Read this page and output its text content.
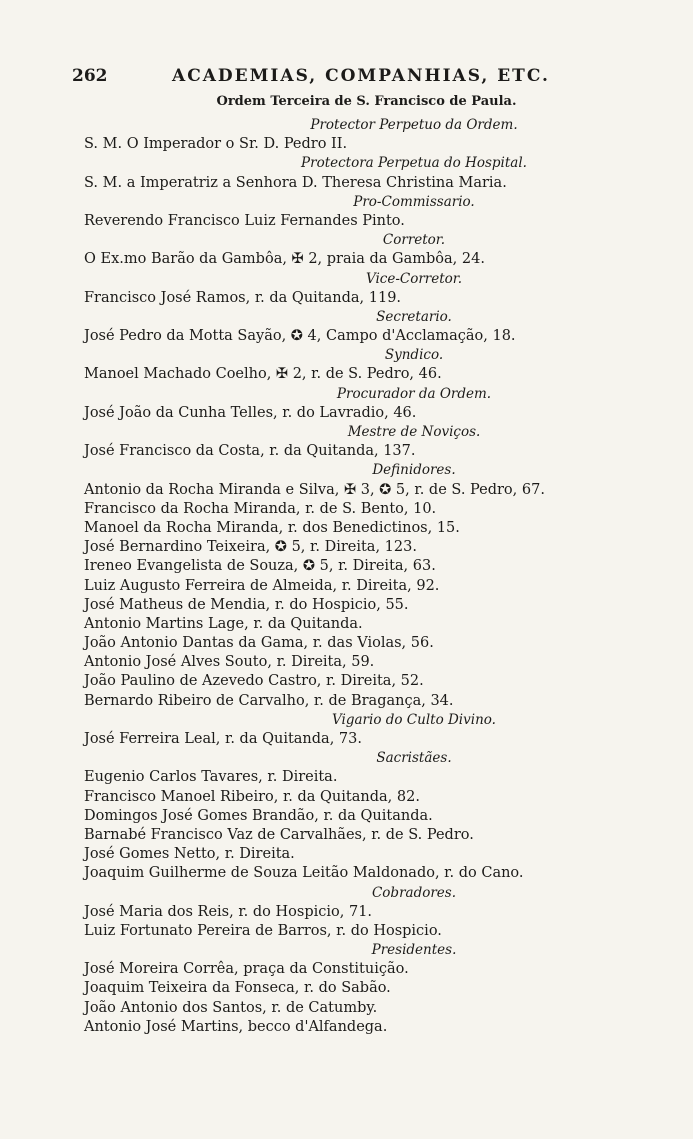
262	ACADEMIAS, COMPANHIAS, ETC.
Ordem Terceira de S. Francisco de Paula.
Protector Perpetuo da Ordem.
S. M. O Imperador o Sr. D. Pedro II.
Protectora Perpetua do Hospital.
S. M. a Imperatriz a Senhora D. Theresa Christina Maria.
Pro-Commissario.
Reverendo Francisco Luiz Fernandes Pinto.
Corretor.
O Ex.mo Barão da Gambôa, ✠ 2, praia da Gambôa, 24.
Vice-Corretor.
Francisco José Ramos, r. da Quitanda, 119.
Secretario.
José Pedro da Motta Sayão, ✪ 4, Campo d'Acclamação, 18.
Syndico.
Manoel Machado Coelho, ✠ 2, r. de S. Pedro, 46.
Procurador da Ordem.
José João da Cunha Telles, r. do Lavradio, 46.
Mestre de Noviços.
José Francisco da Costa, r. da Quitanda, 137.
Definidores.
Antonio da Rocha Miranda e Silva, ✠ 3, ✪ 5, r. de S. Pedro, 67.
Francisco da Rocha Miranda, r. de S. Bento, 10.
Manoel da Rocha Miranda, r. dos Benedictinos, 15.
José Bernardino Teixeira, ✪ 5, r. Direita, 123.
Ireneo Evangelista de Souza, ✪ 5, r. Direita, 63.
Luiz Augusto Ferreira de Almeida, r. Direita, 92.
José Matheus de Mendia, r. do Hospicio, 55.
Antonio Martins Lage, r. da Quitanda.
João Antonio Dantas da Gama, r. das Violas, 56.
Antonio José Alves Souto, r. Direita, 59.
João Paulino de Azevedo Castro, r. Direita, 52.
Bernardo Ribeiro de Carvalho, r. de Bragança, 34.
Vigario do Culto Divino.
José Ferreira Leal, r. da Quitanda, 73.
Sacristães.
Eugenio Carlos Tavares, r. Direita.
Francisco Manoel Ribeiro, r. da Quitanda, 82.
Domingos José Gomes Brandão, r. da Quitanda.
Barnabé Francisco Vaz de Carvalhães, r. de S. Pedro.
José Gomes Netto, r. Direita.
Joaquim Guilherme de Souza Leitão Maldonado, r. do Cano.
Cobradores.
José Maria dos Reis, r. do Hospicio, 71.
Luiz Fortunato Pereira de Barros, r. do Hospicio.
Presidentes.
José Moreira Corrêa, praça da Constituição.
Joaquim Teixeira da Fonseca, r. do Sabão.
João Antonio dos Santos, r. de Catumby.
Antonio José Martins, becco d'Alfandega.
